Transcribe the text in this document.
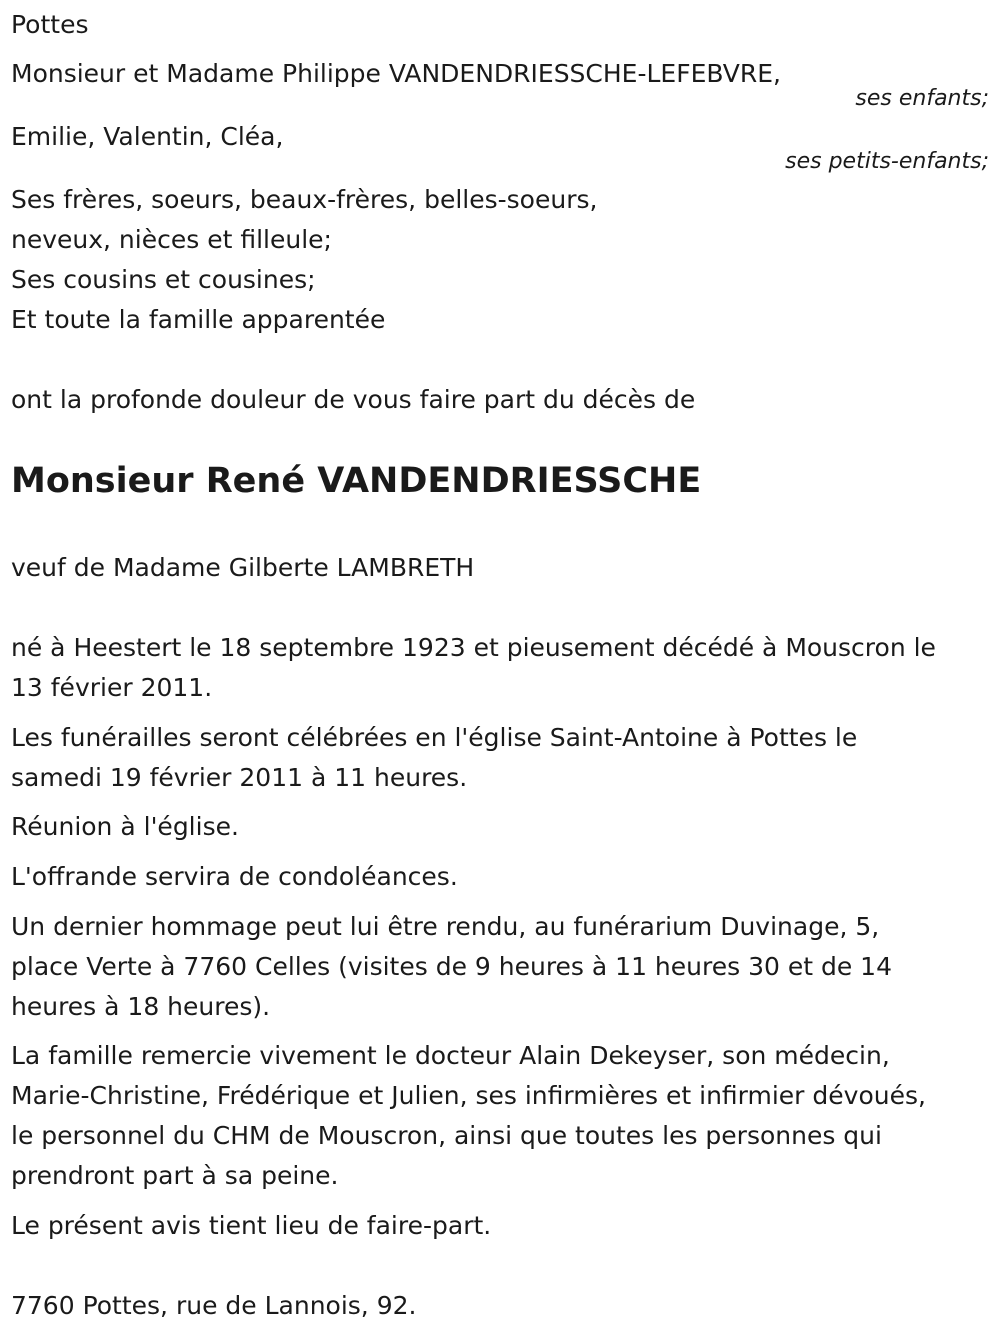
Pottes
Monsieur et Madame Philippe VANDENDRIESSCHE-LEFEBVRE,
ses enfants;
Emilie, Valentin, Cléa,
ses petits-enfants;
Ses frères, soeurs, beaux-frères, belles-soeurs,
neveux, nièces et filleule;
Ses cousins et cousines;
Et toute la famille apparentée
ont la profonde douleur de vous faire part du décès de
Monsieur René VANDENDRIESSCHE
veuf de Madame Gilberte LAMBRETH
né à Heestert le 18 septembre 1923 et pieusement décédé à Mouscron le
13 février 2011.
Les funérailles seront célébrées en l'église Saint-Antoine à Pottes le
samedi 19 février 2011 à 11 heures.
Réunion à l'église.
L'offrande servira de condoléances.
Un dernier hommage peut lui être rendu, au funérarium Duvinage, 5,
place Verte à 7760 Celles (visites de 9 heures à 11 heures 30 et de 14
heures à 18 heures).
La famille remercie vivement le docteur Alain Dekeyser, son médecin,
Marie-Christine, Frédérique et Julien, ses infirmières et infirmier dévoués,
le personnel du CHM de Mouscron, ainsi que toutes les personnes qui
prendront part à sa peine.
Le présent avis tient lieu de faire-part.
7760 Pottes, rue de Lannois, 92.
